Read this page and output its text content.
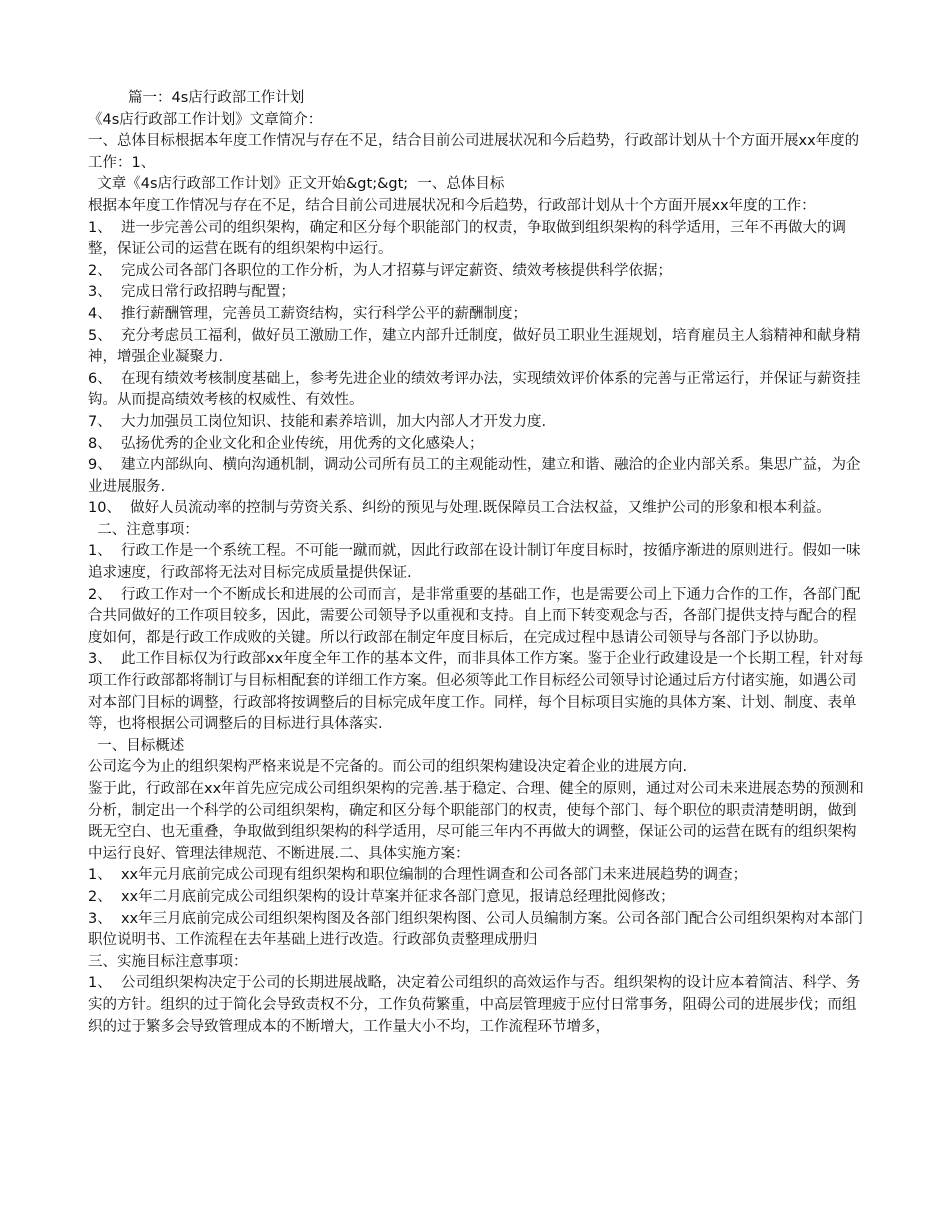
篇一：4s店行政部工作计划

《4s店行政部工作计划》文章简介：

一、总体目标根据本年度工作情况与存在不足，结合目前公司进展状况和今后趋势，行政部计划从十个方面开展xx年度的工作：1、

文章《4s店行政部工作计划》正文开始&gt;&gt;  一、总体目标

根据本年度工作情况与存在不足，结合目前公司进展状况和今后趋势，行政部计划从十个方面开展xx年度的工作：

1、  进一步完善公司的组织架构，确定和区分每个职能部门的权责，争取做到组织架构的科学适用，三年不再做大的调整，保证公司的运营在既有的组织架构中运行。

2、  完成公司各部门各职位的工作分析，为人才招募与评定薪资、绩效考核提供科学依据；

3、  完成日常行政招聘与配置；

4、  推行薪酬管理，完善员工薪资结构，实行科学公平的薪酬制度；

5、  充分考虑员工福利，做好员工激励工作，建立内部升迁制度，做好员工职业生涯规划，培育雇员主人翁精神和献身精神，增强企业凝聚力.

6、  在现有绩效考核制度基础上，参考先进企业的绩效考评办法，实现绩效评价体系的完善与正常运行，并保证与薪资挂钩。从而提高绩效考核的权威性、有效性。

7、  大力加强员工岗位知识、技能和素养培训，加大内部人才开发力度.

8、  弘扬优秀的企业文化和企业传统，用优秀的文化感染人；

9、  建立内部纵向、横向沟通机制，调动公司所有员工的主观能动性，建立和谐、融洽的企业内部关系。集思广益，为企业进展服务.

10、  做好人员流动率的控制与劳资关系、纠纷的预见与处理.既保障员工合法权益，又维护公司的形象和根本利益。

二、注意事项：

1、  行政工作是一个系统工程。不可能一蹴而就，因此行政部在设计制订年度目标时，按循序渐进的原则进行。假如一味追求速度，行政部将无法对目标完成质量提供保证.

2、  行政工作对一个不断成长和进展的公司而言，是非常重要的基础工作，也是需要公司上下通力合作的工作，各部门配合共同做好的工作项目较多，因此，需要公司领导予以重视和支持。自上而下转变观念与否，各部门提供支持与配合的程度如何，都是行政工作成败的关键。所以行政部在制定年度目标后，在完成过程中恳请公司领导与各部门予以协助。

3、  此工作目标仅为行政部xx年度全年工作的基本文件，而非具体工作方案。鉴于企业行政建设是一个长期工程，针对每项工作行政部都将制订与目标相配套的详细工作方案。但必须等此工作目标经公司领导讨论通过后方付诸实施，如遇公司对本部门目标的调整，行政部将按调整后的目标完成年度工作。同样，每个目标项目实施的具体方案、计划、制度、表单等，也将根据公司调整后的目标进行具体落实.

一、目标概述

公司迄今为止的组织架构严格来说是不完备的。而公司的组织架构建设决定着企业的进展方向.

鉴于此，行政部在xx年首先应完成公司组织架构的完善.基于稳定、合理、健全的原则，通过对公司未来进展态势的预测和分析，制定出一个科学的公司组织架构，确定和区分每个职能部门的权责，使每个部门、每个职位的职责清楚明朗，做到既无空白、也无重叠，争取做到组织架构的科学适用，尽可能三年内不再做大的调整，保证公司的运营在既有的组织架构中运行良好、管理法律规范、不断进展.二、具体实施方案：

1、  xx年元月底前完成公司现有组织架构和职位编制的合理性调查和公司各部门未来进展趋势的调查；

2、  xx年二月底前完成公司组织架构的设计草案并征求各部门意见，报请总经理批阅修改；

3、  xx年三月底前完成公司组织架构图及各部门组织架构图、公司人员编制方案。公司各部门配合公司组织架构对本部门职位说明书、工作流程在去年基础上进行改造。行政部负责整理成册归

三、实施目标注意事项：

1、  公司组织架构决定于公司的长期进展战略，决定着公司组织的高效运作与否。组织架构的设计应本着简洁、科学、务实的方针。组织的过于简化会导致责权不分，工作负荷繁重，中高层管理疲于应付日常事务，阻碍公司的进展步伐；而组织的过于繁多会导致管理成本的不断增大，工作量大小不均，工作流程环节增多，
